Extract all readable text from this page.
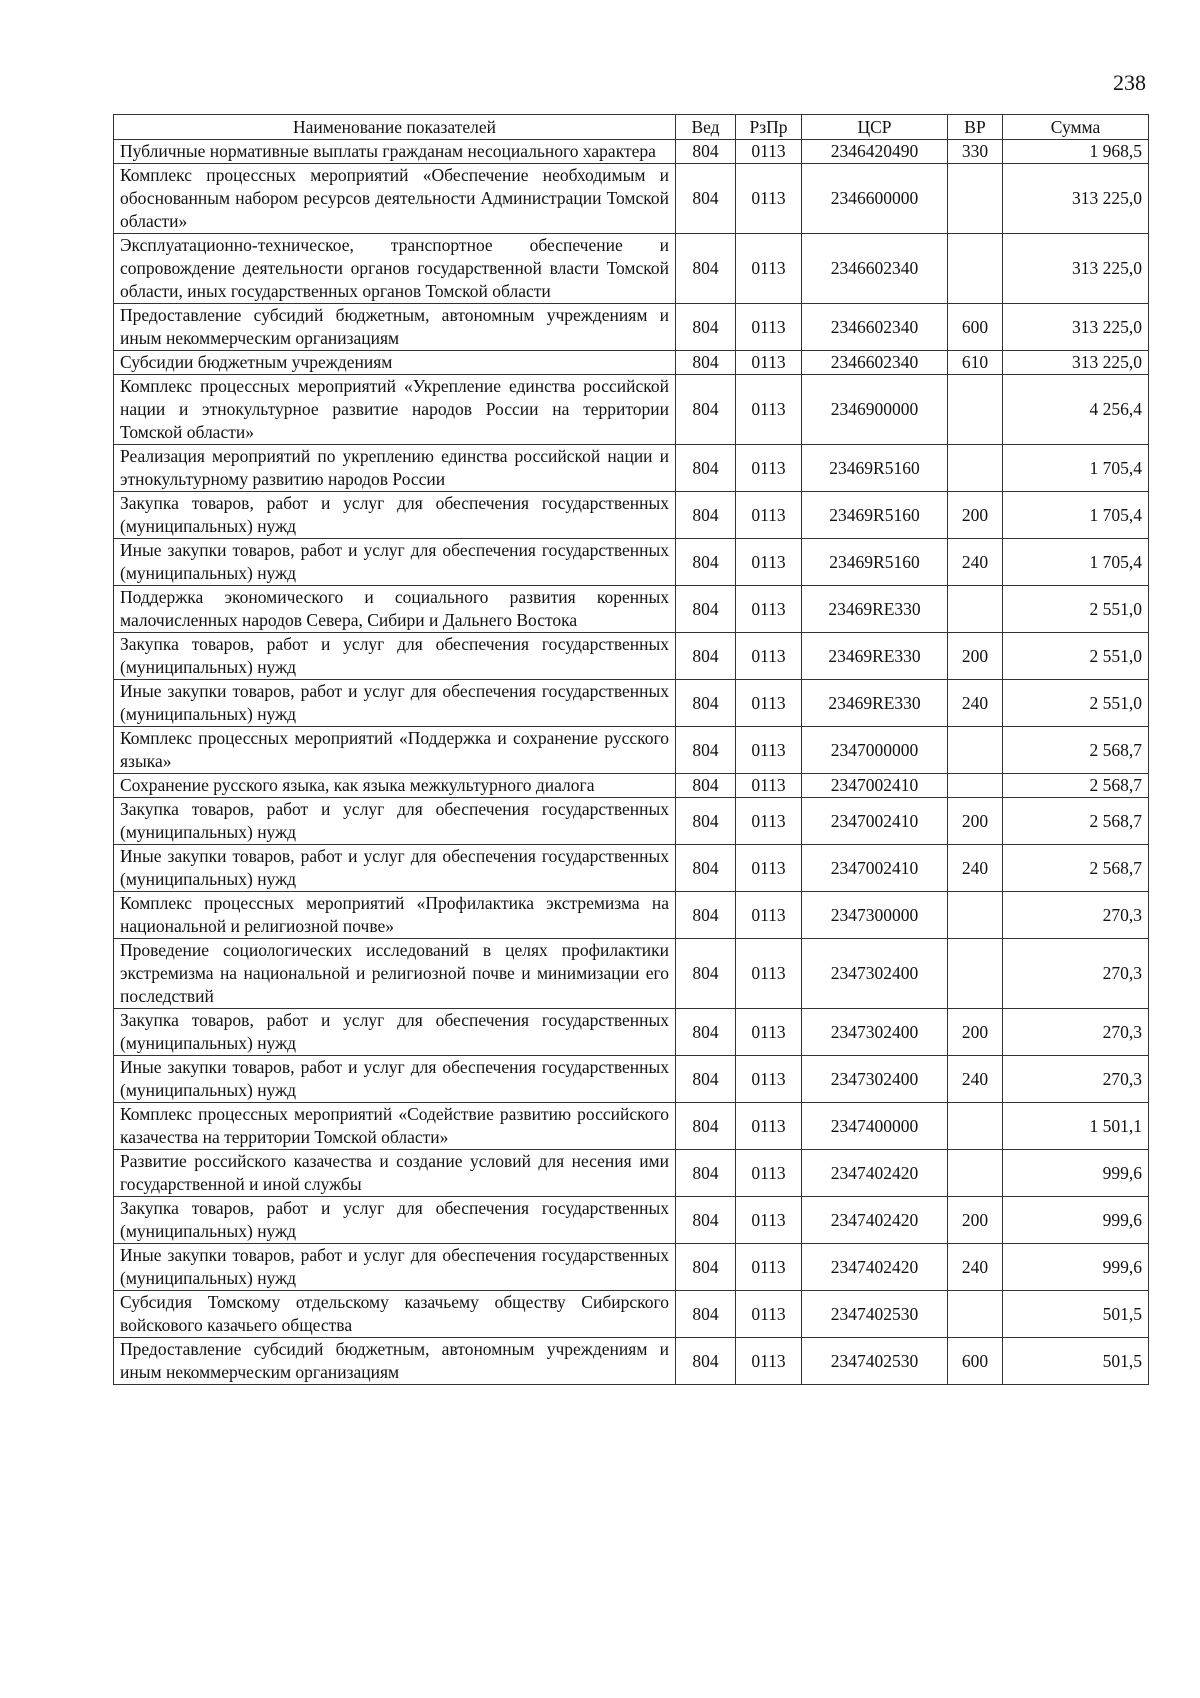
238
Наименование показателей	Вед	РзПр	ЦСР	ВР	Сумма
Публичные нормативные выплаты гражданам несоциального характера	804	0113	2346420490	330	1 968,5
Комплекс процессных мероприятий «Обеспечение необходимым и обоснованным набором ресурсов деятельности Администрации Томской области»	804	0113	2346600000		313 225,0
Эксплуатационно-техническое, транспортное обеспечение и сопровождение деятельности органов государственной власти Томской области, иных государственных органов Томской области	804	0113	2346602340		313 225,0
Предоставление субсидий бюджетным, автономным учреждениям и иным некоммерческим организациям	804	0113	2346602340	600	313 225,0
Субсидии бюджетным учреждениям	804	0113	2346602340	610	313 225,0
Комплекс процессных мероприятий «Укрепление единства российской нации и этнокультурное развитие народов России на территории Томской области»	804	0113	2346900000		4 256,4
Реализация мероприятий по укреплению единства российской нации и этнокультурному развитию народов России	804	0113	23469R5160		1 705,4
Закупка товаров, работ и услуг для обеспечения государственных (муниципальных) нужд	804	0113	23469R5160	200	1 705,4
Иные закупки товаров, работ и услуг для обеспечения государственных (муниципальных) нужд	804	0113	23469R5160	240	1 705,4
Поддержка экономического и социального развития коренных малочисленных народов Севера, Сибири и Дальнего Востока	804	0113	23469RE330		2 551,0
Закупка товаров, работ и услуг для обеспечения государственных (муниципальных) нужд	804	0113	23469RE330	200	2 551,0
Иные закупки товаров, работ и услуг для обеспечения государственных (муниципальных) нужд	804	0113	23469RE330	240	2 551,0
Комплекс процессных мероприятий «Поддержка и сохранение русского языка»	804	0113	2347000000		2 568,7
Сохранение русского языка, как языка межкультурного диалога	804	0113	2347002410		2 568,7
Закупка товаров, работ и услуг для обеспечения государственных (муниципальных) нужд	804	0113	2347002410	200	2 568,7
Иные закупки товаров, работ и услуг для обеспечения государственных (муниципальных) нужд	804	0113	2347002410	240	2 568,7
Комплекс процессных мероприятий «Профилактика экстремизма на национальной и религиозной почве»	804	0113	2347300000		270,3
Проведение социологических исследований в целях профилактики экстремизма на национальной и религиозной почве и минимизации его последствий	804	0113	2347302400		270,3
Закупка товаров, работ и услуг для обеспечения государственных (муниципальных) нужд	804	0113	2347302400	200	270,3
Иные закупки товаров, работ и услуг для обеспечения государственных (муниципальных) нужд	804	0113	2347302400	240	270,3
Комплекс процессных мероприятий «Содействие развитию российского казачества на территории Томской области»	804	0113	2347400000		1 501,1
Развитие российского казачества и создание условий для несения ими государственной и иной службы	804	0113	2347402420		999,6
Закупка товаров, работ и услуг для обеспечения государственных (муниципальных) нужд	804	0113	2347402420	200	999,6
Иные закупки товаров, работ и услуг для обеспечения государственных (муниципальных) нужд	804	0113	2347402420	240	999,6
Субсидия Томскому отдельскому казачьему обществу Сибирского войскового казачьего общества	804	0113	2347402530		501,5
Предоставление субсидий бюджетным, автономным учреждениям и иным некоммерческим организациям	804	0113	2347402530	600	501,5
